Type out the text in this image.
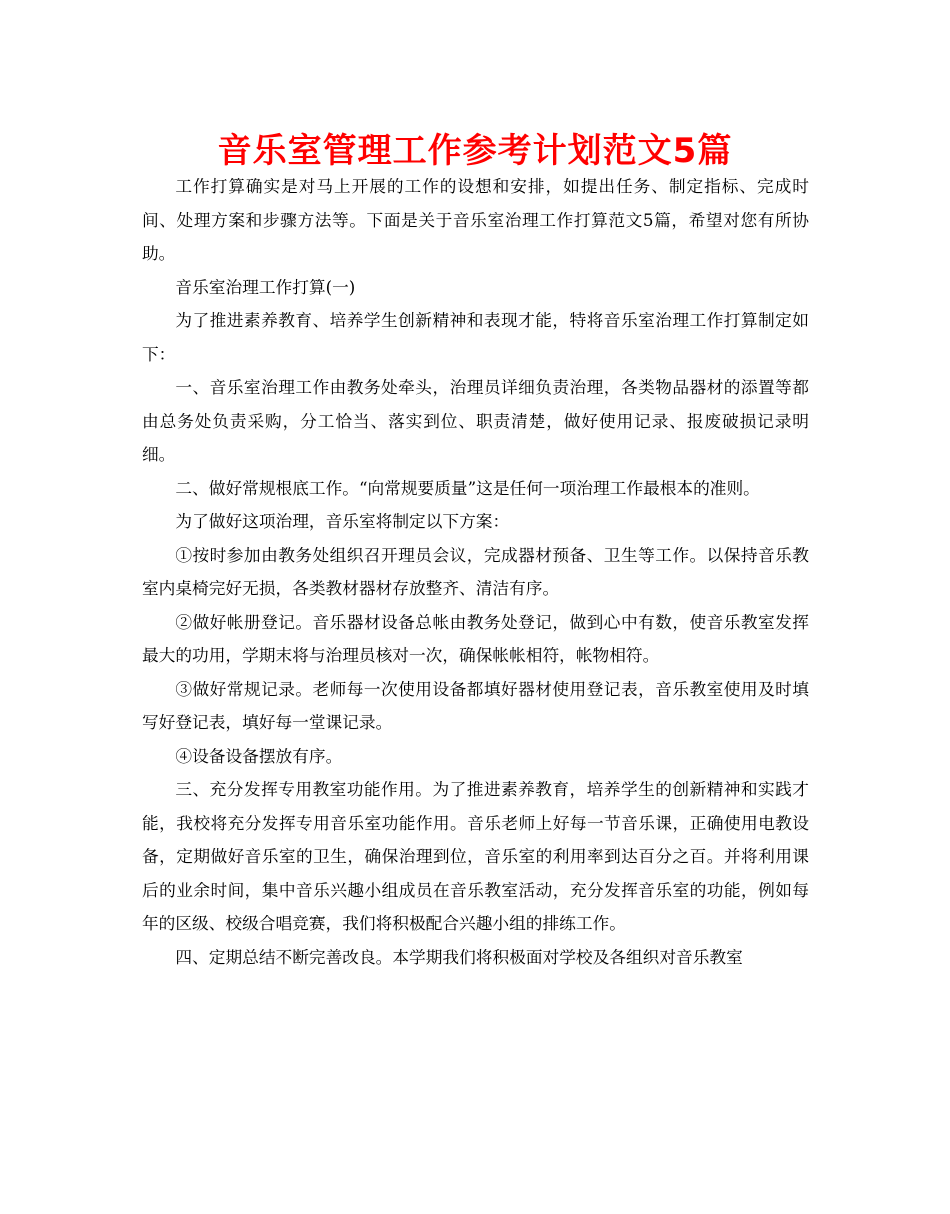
音乐室管理工作参考计划范文5篇

工作打算确实是对马上开展的工作的设想和安排，如提出任务、制定指标、完成时间、处理方案和步骤方法等。下面是关于音乐室治理工作打算范文5篇，希望对您有所协助。

音乐室治理工作打算(一)

为了推进素养教育、培养学生创新精神和表现才能，特将音乐室治理工作打算制定如下：

一、音乐室治理工作由教务处牵头，治理员详细负责治理，各类物品器材的添置等都由总务处负责采购，分工恰当、落实到位、职责清楚，做好使用记录、报废破损记录明细。

二、做好常规根底工作。“向常规要质量”这是任何一项治理工作最根本的准则。

为了做好这项治理，音乐室将制定以下方案：

①按时参加由教务处组织召开理员会议，完成器材预备、卫生等工作。以保持音乐教室内桌椅完好无损，各类教材器材存放整齐、清洁有序。

②做好帐册登记。音乐器材设备总帐由教务处登记，做到心中有数，使音乐教室发挥最大的功用，学期末将与治理员核对一次，确保帐帐相符，帐物相符。

③做好常规记录。老师每一次使用设备都填好器材使用登记表，音乐教室使用及时填写好登记表，填好每一堂课记录。

④设备设备摆放有序。

三、充分发挥专用教室功能作用。为了推进素养教育，培养学生的创新精神和实践才能，我校将充分发挥专用音乐室功能作用。音乐老师上好每一节音乐课，正确使用电教设备，定期做好音乐室的卫生，确保治理到位，音乐室的利用率到达百分之百。并将利用课后的业余时间，集中音乐兴趣小组成员在音乐教室活动，充分发挥音乐室的功能，例如每年的区级、校级合唱竞赛，我们将积极配合兴趣小组的排练工作。

四、定期总结不断完善改良。本学期我们将积极面对学校及各组织对音乐教室
